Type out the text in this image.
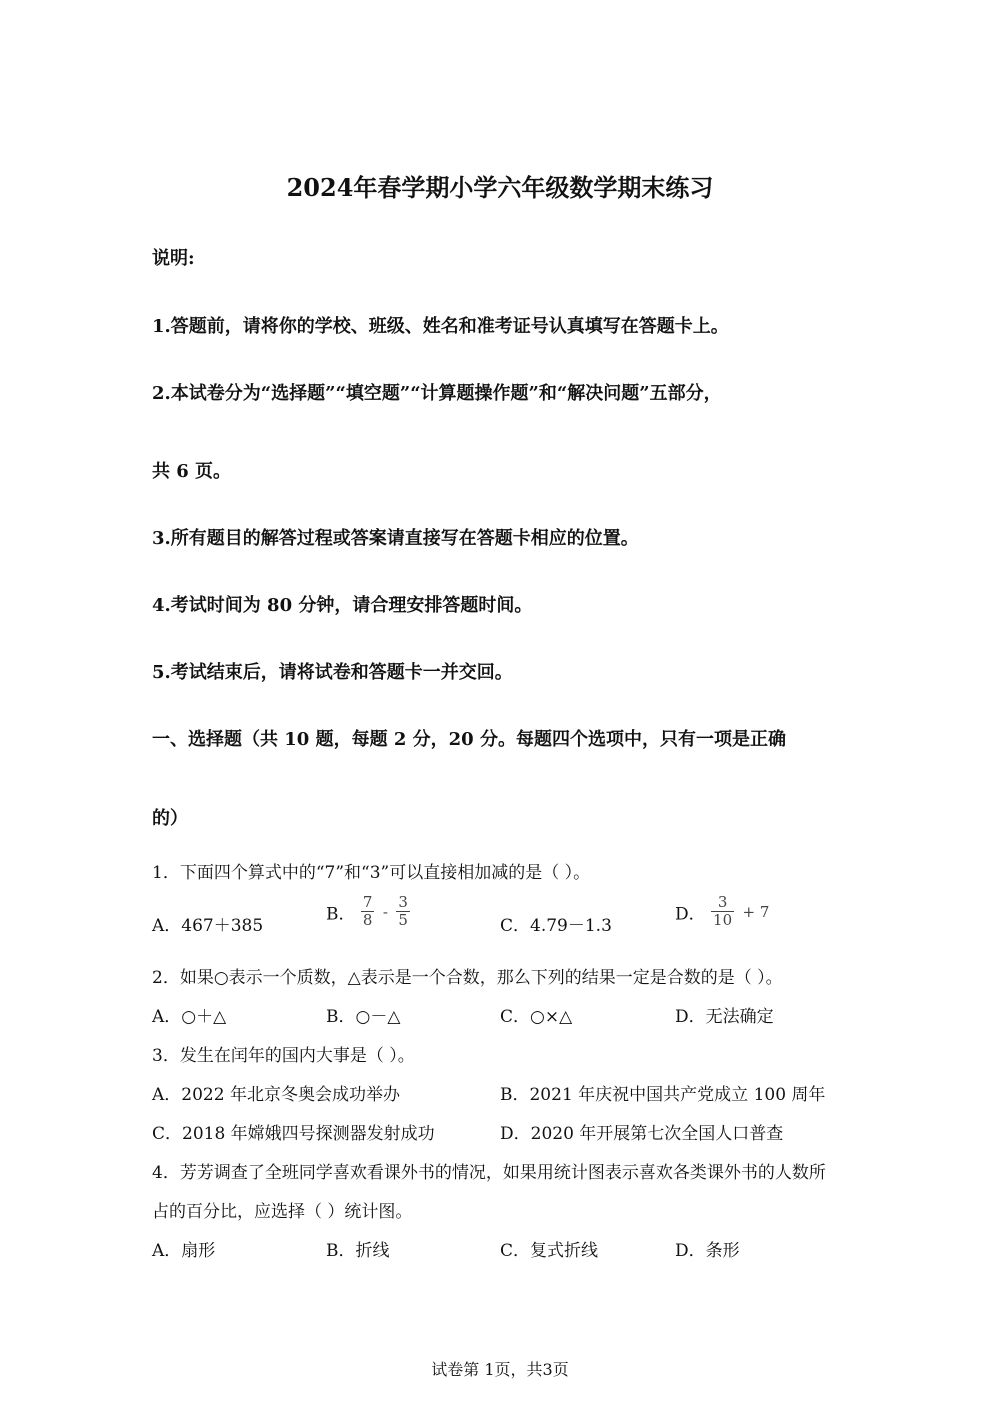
2024年春学期小学六年级数学期末练习
说明:
1.答题前，请将你的学校、班级、姓名和准考证号认真填写在答题卡上。
2.本试卷分为“选择题”“填空题”“计算题操作题”和“解决问题”五部分，
共 6 页。
3.所有题目的解答过程或答案请直接写在答题卡相应的位置。
4.考试时间为 80 分钟，请合理安排答题时间。
5.考试结束后，请将试卷和答题卡一并交回。
一、选择题（共 10 题，每题 2 分，20 分。每题四个选项中，只有一项是正确
的）
1．下面四个算式中的“7”和“3”可以直接相加减的是（ ）。
A．467＋385
B． $\frac{7}{8} - \frac{3}{5}$	C．4.79－1.3
D． $\frac{3}{10} + 7$
2．如果○表示一个质数，△表示是一个合数，那么下列的结果一定是合数的是（ ）。
A．○＋△	B．○－△	C．○×△	D．无法确定
3．发生在闰年的国内大事是（ ）。
A．2022 年北京冬奥会成功举办	B．2021 年庆祝中国共产党成立 100 周年
C．2018 年嫦娥四号探测器发射成功	D．2020 年开展第七次全国人口普查
4．芳芳调查了全班同学喜欢看课外书的情况，如果用统计图表示喜欢各类课外书的人数所
占的百分比，应选择（ ）统计图。
A．扇形	B．折线	C．复式折线	D．条形
试卷第 1页，共3页
